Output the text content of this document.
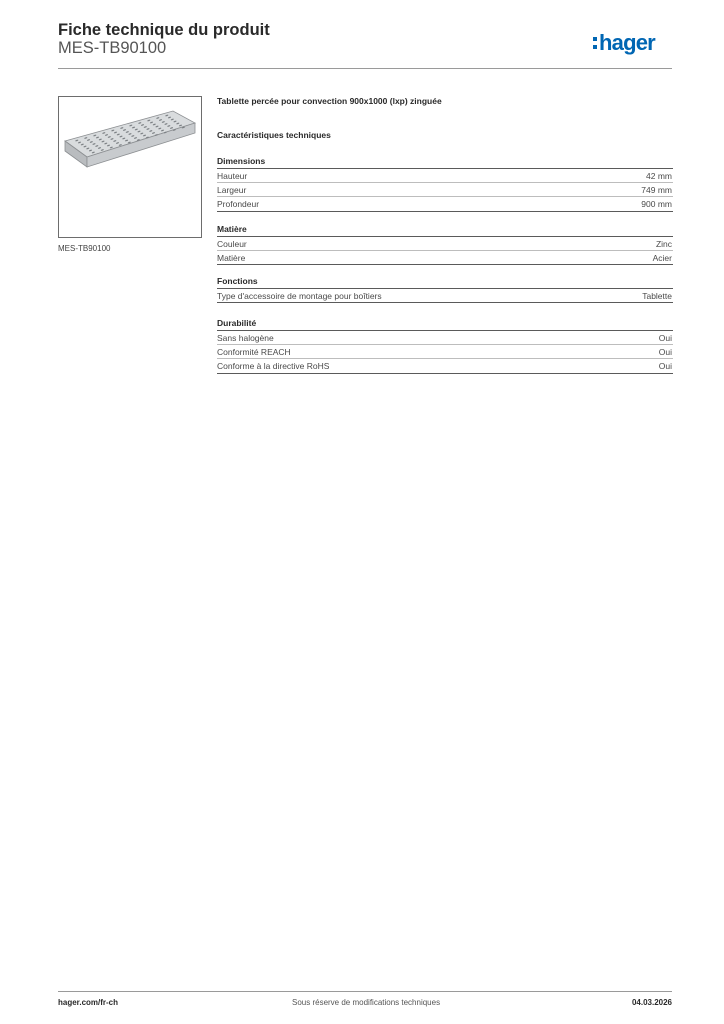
Fiche technique du produit
MES-TB90100	hager
MES-TB90100
Tablette percée pour convection 900x1000 (lxp) zinguée
Caractéristiques techniques
Dimensions
Hauteur	42 mm
Largeur	749 mm
Profondeur	900 mm
Matière
Couleur	Zinc
Matière	Acier
Fonctions
Type d'accessoire de montage pour boîtiers	Tablette
Durabilité
Sans halogène	Oui
Conformité REACH	Oui
Conforme à la directive RoHS	Oui
hager.com/fr-ch	Sous réserve de modifications techniques	04.03.2026
